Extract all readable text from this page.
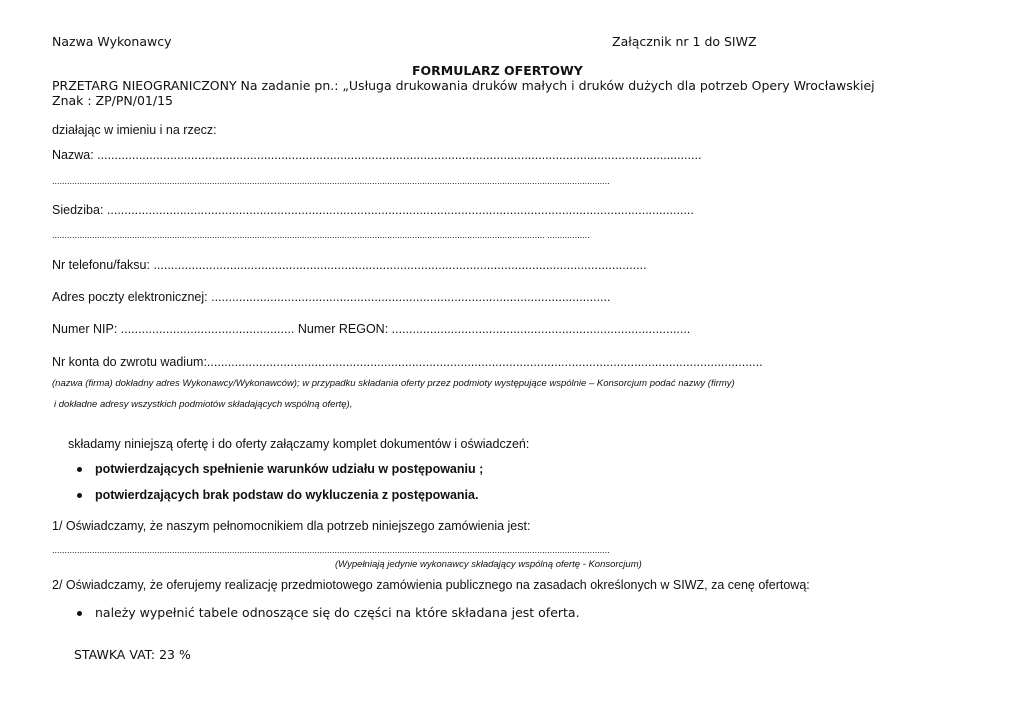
Nazwa Wykonawcy	Załącznik nr 1 do SIWZ
FORMULARZ OFERTOWY
PRZETARG NIEOGRANICZONY Na zadanie pn.: „Usługa drukowania druków małych i druków dużych dla potrzeb Opery Wrocławskiej
Znak : ZP/PN/01/15
działając w imieniu i na rzecz:
Nazwa: ..............................................................................................................................................................................
...............................................................................................................................................................................................................................
Siedziba: .........................................................................................................................................................................
..................................................................................................................................................................................................... .................
Nr telefonu/faksu: ..............................................................................................................................................
Adres poczty elektronicznej: ...................................................................................................................
Numer NIP: .................................................. Numer REGON: ......................................................................................
Nr konta do zwrotu wadium:................................................................................................................................................................
(nazwa (firma) dokładny adres Wykonawcy/Wykonawców); w przypadku składania oferty przez podmioty występujące wspólnie – Konsorcjum podać nazwy (firmy)
i dokładne adresy wszystkich podmiotów składających wspólną ofertę),
składamy niniejszą ofertę i do oferty załączamy komplet dokumentów i oświadczeń:
potwierdzających spełnienie warunków udziału w postępowaniu ;
potwierdzających brak podstaw do wykluczenia z postępowania.
1/ Oświadczamy, że naszym pełnomocnikiem dla potrzeb niniejszego zamówienia jest:
...............................................................................................................................................................................................................................
(Wypełniają jedynie wykonawcy składający wspólną ofertę - Konsorcjum)
2/ Oświadczamy, że oferujemy realizację przedmiotowego zamówienia publicznego na zasadach określonych w SIWZ, za cenę ofertową:
należy wypełnić tabele odnoszące się do części na które składana jest oferta.
STAWKA VAT: 23 %
